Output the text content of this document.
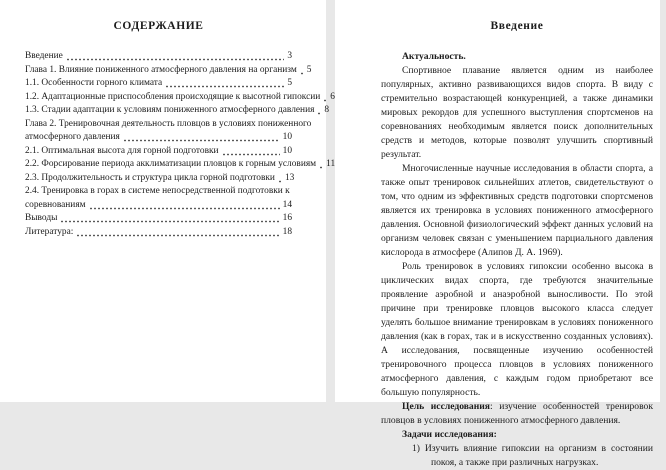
СОДЕРЖАНИЕ
Введение	3
Глава 1. Влияние пониженного атмосферного давления на организм 5
1.1. Особенности горного климата	5
1.2. Адаптационные приспособления происходящие к высотной гипоксии 6
1.3. Стадии адаптации к условиям пониженного атмосферного давления 8
Глава 2. Тренировочная деятельность пловцов в условиях пониженного
атмосферного давления	10
2.1. Оптимальная высота для горной подготовки	10
2.2. Форсирование периода акклиматизации пловцов к горным условиям 11
2.3. Продолжительность и структура цикла горной подготовки 13
2.4. Тренировка в горах в системе непосредственной подготовки к
соревнованиям	14
Выводы	16
Литература:	18
Введение

Актуальность.

Спортивное плавание является одним из наиболее популярных, активно развивающихся видов спорта. В виду с стремительно возрастающей конкуренцией, а также динамики мировых рекордов для успешного выступления спортсменов на соревнованиях необходимым является поиск дополнительных средств и методов, которые позволят улучшить спортивный результат.

Многочисленные научные исследования в области спорта, а также опыт тренировок сильнейших атлетов, свидетельствуют о том, что одним из эффективных средств подготовки спортсменов является их тренировка в условиях пониженного атмосферного давления. Основной физиологический эффект данных условий на организм человек связан с уменьшением парциального давления кислорода в атмосфере (Алипов Д. А. 1969).

Роль тренировок в условиях гипоксии особенно высока в циклических видах спорта, где требуются значительные проявление аэробной и анаэробной выносливости. По этой причине при тренировке пловцов высокого класса следует уделять большое внимание тренировкам в условиях пониженного давления (как в горах, так и в искусственно созданных условиях). А исследования, посвященные изучению особенностей тренировочного процесса пловцов в условиях пониженного атмосферного давления, с каждым годом приобретают все большую популярность.

Цель исследования: изучение особенностей тренировок пловцов в условиях пониженного атмосферного давления.

Задачи исследования:

1) Изучить влияние гипоксии на организм в состоянии покоя, а также при различных нагрузках.
